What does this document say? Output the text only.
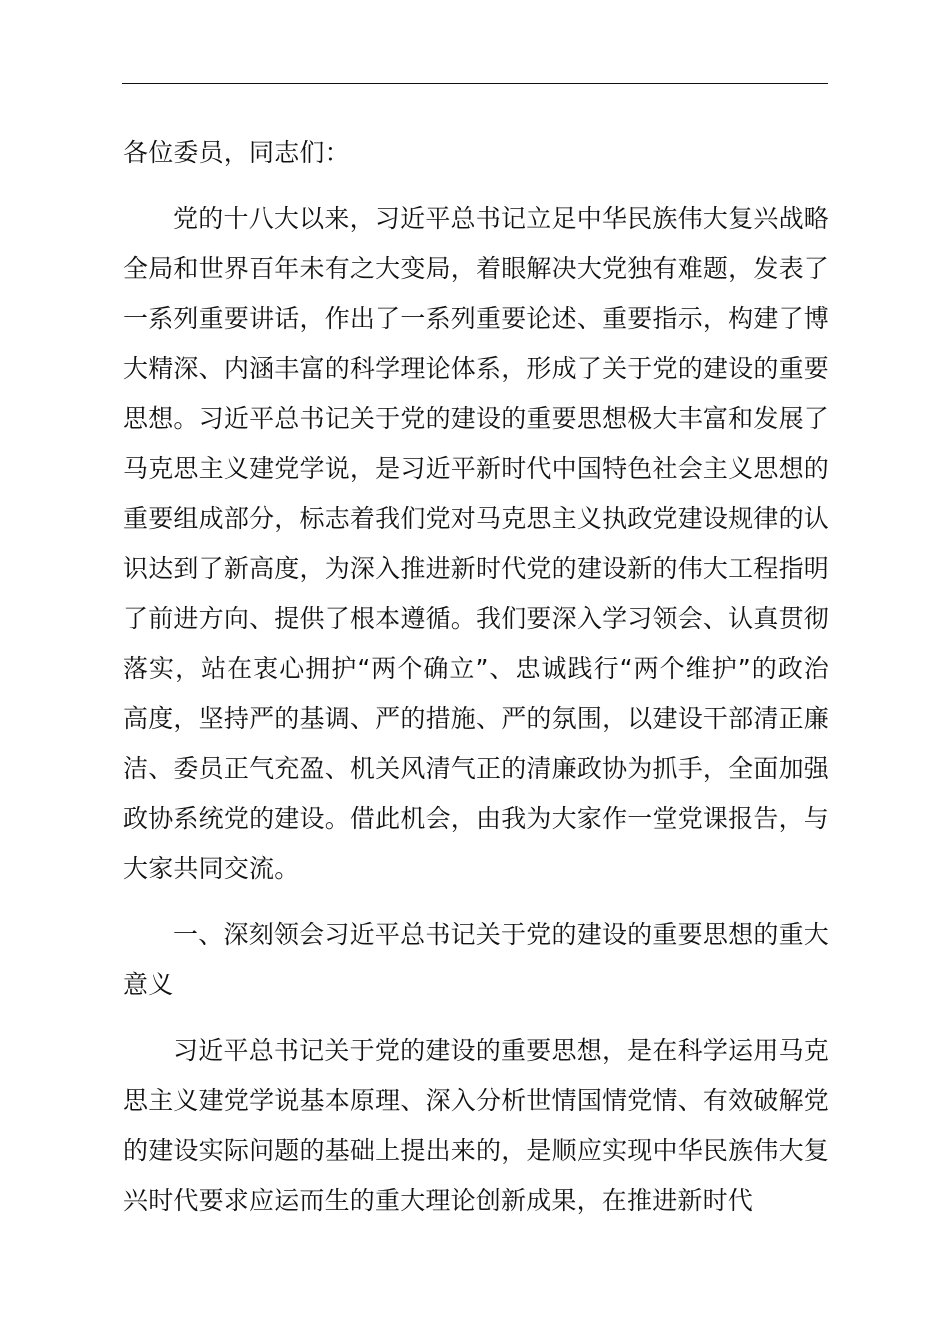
各位委员，同志们：

党的十八大以来，习近平总书记立足中华民族伟大复兴战略全局和世界百年未有之大变局，着眼解决大党独有难题，发表了一系列重要讲话，作出了一系列重要论述、重要指示，构建了博大精深、内涵丰富的科学理论体系，形成了关于党的建设的重要思想。习近平总书记关于党的建设的重要思想极大丰富和发展了马克思主义建党学说，是习近平新时代中国特色社会主义思想的重要组成部分，标志着我们党对马克思主义执政党建设规律的认识达到了新高度，为深入推进新时代党的建设新的伟大工程指明了前进方向、提供了根本遵循。我们要深入学习领会、认真贯彻落实，站在衷心拥护“两个确立”、忠诚践行“两个维护”的政治高度，坚持严的基调、严的措施、严的氛围，以建设干部清正廉洁、委员正气充盈、机关风清气正的清廉政协为抓手，全面加强政协系统党的建设。借此机会，由我为大家作一堂党课报告，与大家共同交流。

一、深刻领会习近平总书记关于党的建设的重要思想的重大意义

习近平总书记关于党的建设的重要思想，是在科学运用马克思主义建党学说基本原理、深入分析世情国情党情、有效破解党的建设实际问题的基础上提出来的，是顺应实现中华民族伟大复兴时代要求应运而生的重大理论创新成果，在推进新时代
